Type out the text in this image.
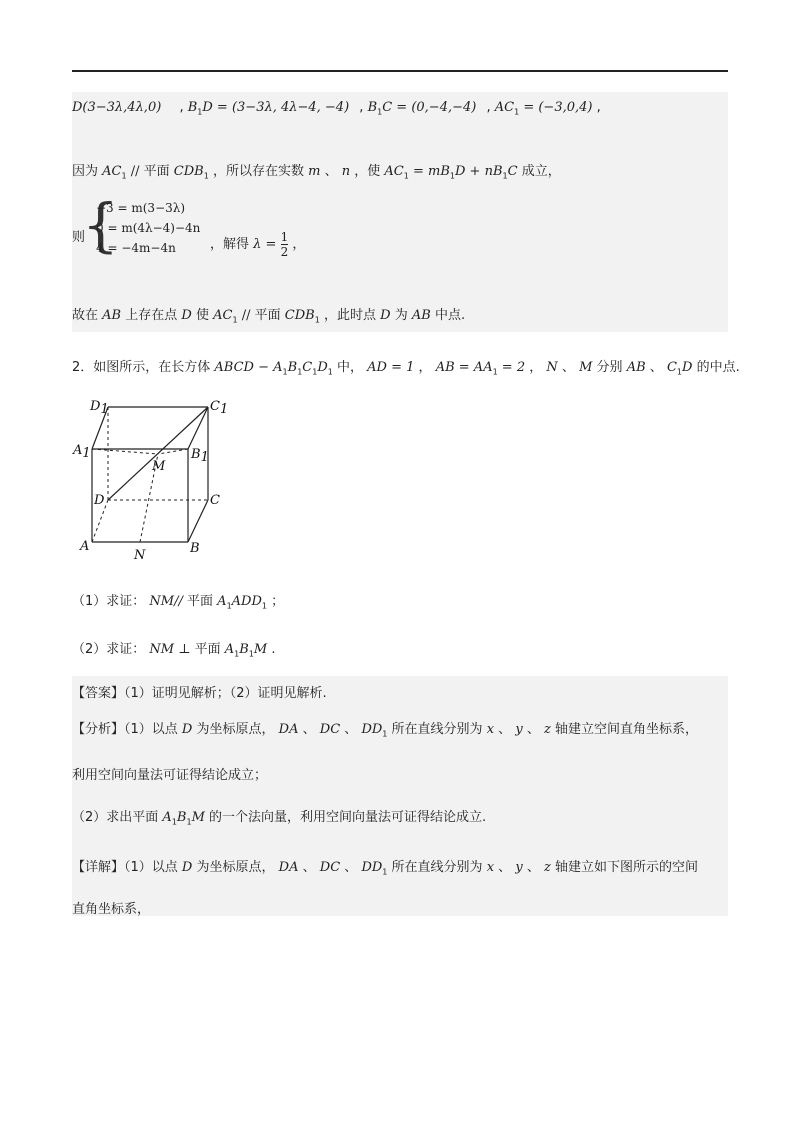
D(3−3λ,4λ,0) , $B_1D = (3-3\lambda$, 4λ−4, −4) , $B_1C = (0,-4,-4)$ , $AC_1 = (-3,0,4)$ ,
因为 $AC_1$ // 平面 $CDB_1$ ，所以存在实数 m 、 n ，使 $AC_1 = mB_1D + nB_1C$ 成立，
则
{
−3 = m(3−3λ)
0 = m(4λ−4)−4n
4 = −4m−4n	，解得 $\lambda = \frac{1}{2}$ ，
故在 AB 上存在点 D 使 $AC_1$ // 平面 $CDB_1$ ，此时点 D 为 AB 中点.
2．如图所示，在长方体 ABCD − $A_1B_1C_1D_1$ 中， AD = 1 ， AB = $AA_1 = 2$ ， N 、 M 分别 AB 、 $C_1D$ 的中点.
D1	C1
A1	B1
M
D	C
A	B
N
（1）求证： NM// 平面 $A_1ADD_1$ ；
（2）求证： NM ⊥ 平面 $A_1B_1M$ .
【答案】（1）证明见解析；（2）证明见解析.
【分析】（1）以点 D 为坐标原点， DA 、 DC 、 $DD_1$ 所在直线分别为 x 、 y 、 z 轴建立空间直角坐标系，
利用空间向量法可证得结论成立；
（2）求出平面 $A_1B_1M$ 的一个法向量，利用空间向量法可证得结论成立.
【详解】（1）以点 D 为坐标原点， DA 、 DC 、 $DD_1$ 所在直线分别为 x 、 y 、 z 轴建立如下图所示的空间
直角坐标系，
